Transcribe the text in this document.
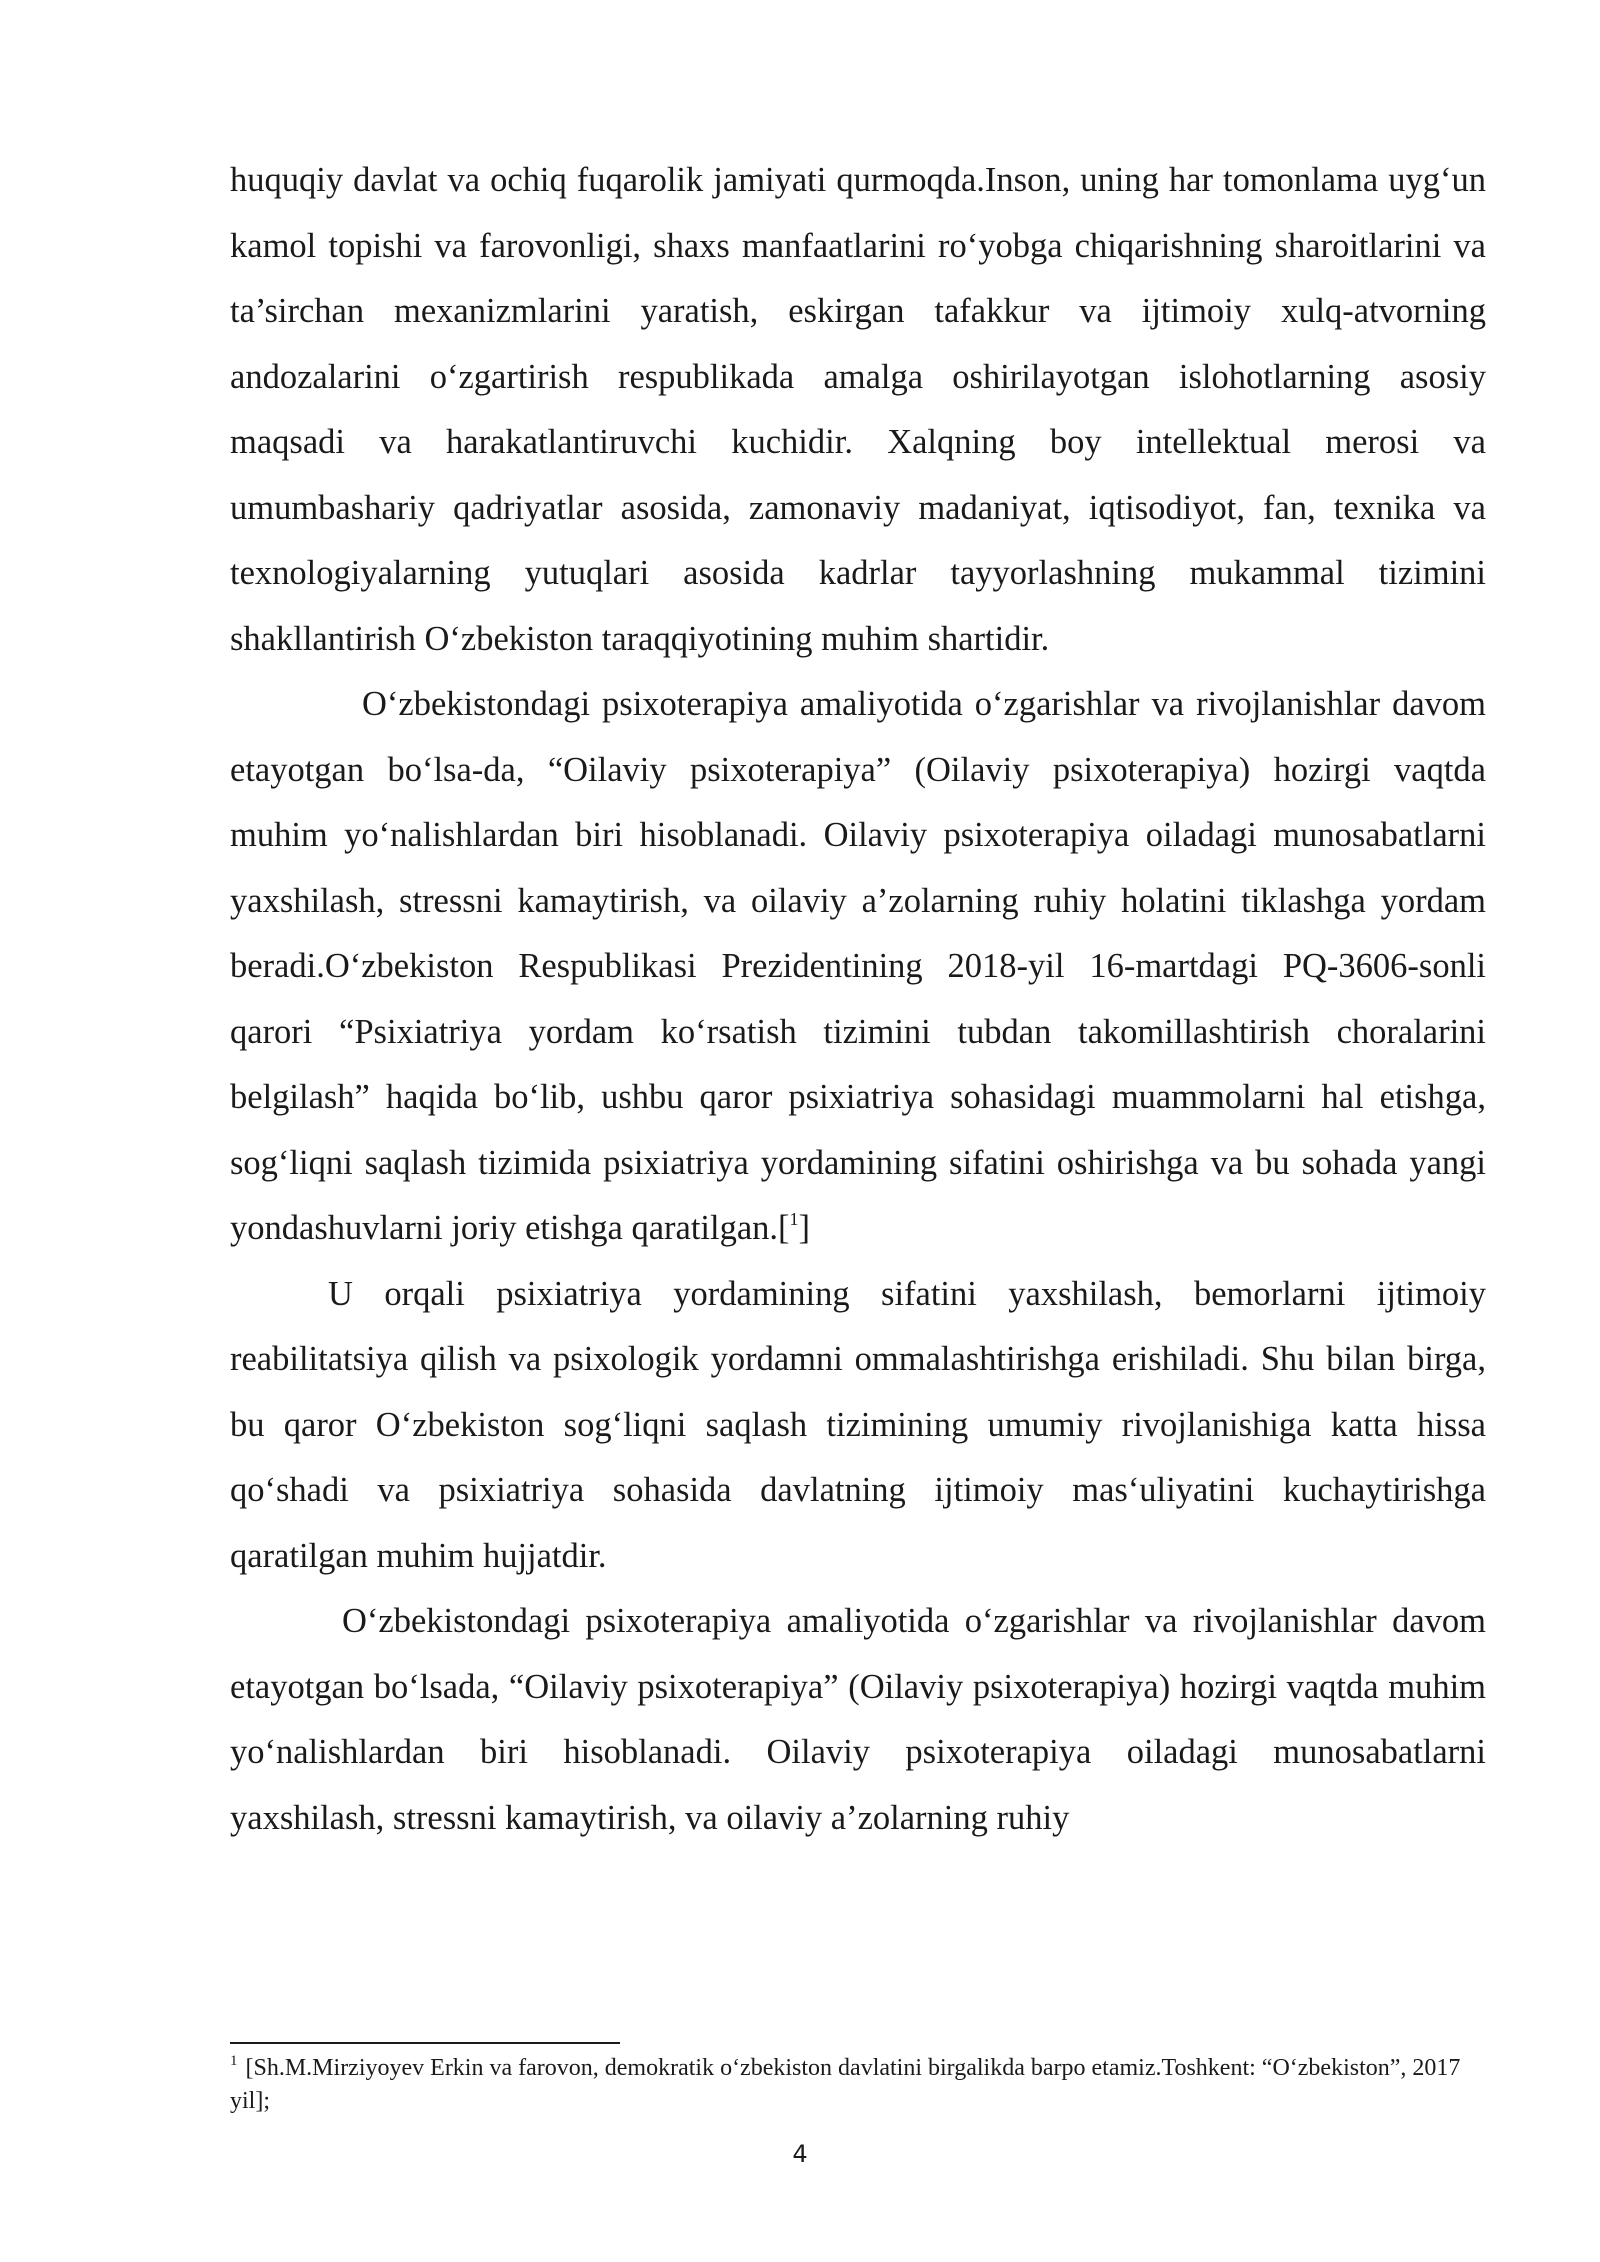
huquqiy davlat va ochiq fuqarolik jamiyati qurmoqda.Inson, uning har tomonlama uyg‘un kamol topishi va farovonligi, shaxs manfaatlarini ro‘yobga chiqarishning sharoitlarini va ta’sirchan mexanizmlarini yaratish, eskirgan tafakkur va ijtimoiy xulq-atvorning andozalarini o‘zgartirish respublikada amalga oshirilayotgan islohotlarning asosiy maqsadi va harakatlantiruvchi kuchidir. Xalqning boy intellektual merosi va umumbashariy qadriyatlar asosida, zamonaviy madaniyat, iqtisodiyot, fan, texnika va texnologiyalarning yutuqlari asosida kadrlar tayyorlashning mukammal tizimini shakllantirish O‘zbekiston taraqqiyotining muhim shartidir.

O‘zbekistondagi psixoterapiya amaliyotida o‘zgarishlar va rivojlanishlar davom etayotgan bo‘lsa-da, “Oilaviy psixoterapiya” (Oilaviy psixoterapiya) hozirgi vaqtda muhim yo‘nalishlardan biri hisoblanadi. Oilaviy psixoterapiya oiladagi munosabatlarni yaxshilash, stressni kamaytirish, va oilaviy a’zolarning ruhiy holatini tiklashga yordam beradi.O‘zbekiston Respublikasi Prezidentining 2018-yil 16-martdagi PQ-3606-sonli qarori “Psixiatriya yordam ko‘rsatish tizimini tubdan takomillashtirish choralarini belgilash” haqida bo‘lib, ushbu qaror psixiatriya sohasidagi muammolarni hal etishga, sog‘liqni saqlash tizimida psixiatriya yordamining sifatini oshirishga va bu sohada yangi yondashuvlarni joriy etishga qaratilgan.[$^1$]

U orqali psixiatriya yordamining sifatini yaxshilash, bemorlarni ijtimoiy reabilitatsiya qilish va psixologik yordamni ommalashtirishga erishiladi. Shu bilan birga, bu qaror O‘zbekiston sog‘liqni saqlash tizimining umumiy rivojlanishiga katta hissa qo‘shadi va psixiatriya sohasida davlatning ijtimoiy mas‘uliyatini kuchaytirishga qaratilgan muhim hujjatdir.

O‘zbekistondagi psixoterapiya amaliyotida o‘zgarishlar va rivojlanishlar davom etayotgan bo‘lsada, “Oilaviy psixoterapiya” (Oilaviy psixoterapiya) hozirgi vaqtda muhim yo‘nalishlardan biri hisoblanadi. Oilaviy psixoterapiya oiladagi munosabatlarni yaxshilash, stressni kamaytirish, va oilaviy a’zolarning ruhiy

$^1$ [Sh.M.Mirziyoyev Erkin va farovon, demokratik o‘zbekiston davlatini birgalikda barpo etamiz.Toshkent: “O‘zbekiston”, 2017 yil];
4
